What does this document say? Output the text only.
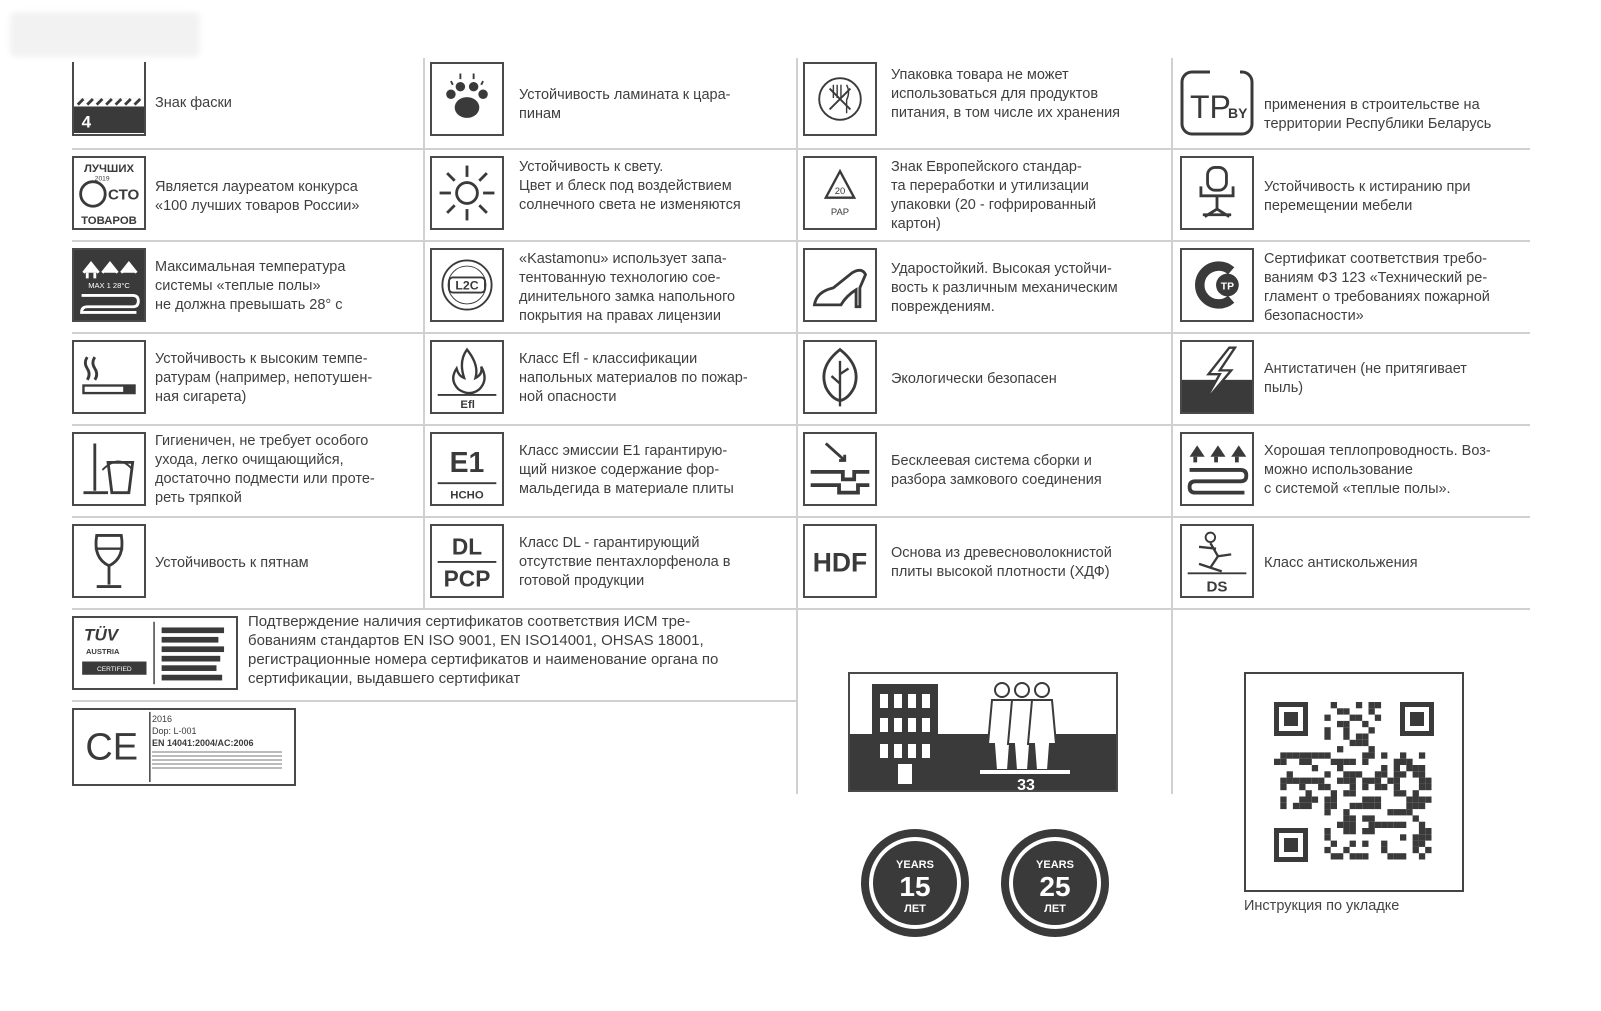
4
Знак фаски	Устойчивость ламината к цара-
пинам
Упаковка товара не может
использоваться для продуктов
питания, в том числе их хранения TP
BY применения в строительстве на
территории Республики Беларусь
ЛУЧШИХ
2019
СТО
ТОВАРОВ
Является лауреатом конкурса
«100 лучших товаров России»
Устойчивость к свету.
Цвет и блеск под воздействием
солнечного света не изменяются
20
PAP
Знак Европейского стандар-
та переработки и утилизации
упаковки (20 - гофрированный
картон)
Устойчивость к истиранию при
перемещении мебели
MAX 1 28°C
Максимальная температура
системы «теплые полы»
не должна превышать 28° c
L2C
«Kastamonu» использует запа-
тентованную технологию сое-
динительного замка напольного
покрытия на правах лицензии
Ударостойкий. Высокая устойчи-
вость к различным механическим
повреждениям.
ТР
Сертификат соответствия требо-
ваниям ФЗ 123 «Технический ре-
гламент о требованиях пожарной
безопасности»
Устойчивость к высоким темпе-
ратурам (например, непотушен-
ная сигарета)
Efl
Класс Efl - классификации
напольных материалов по пожар-
ной опасности
Экологически безопасен
Антистатичен (не притягивает
пыль)
Гигиеничен, не требует особого
ухода, легко очищающийся,
достаточно подмести или проте-
реть тряпкой
E1
HCHO
Класс эмиссии Е1 гарантирую-
щий низкое содержание фор-
мальдегида в материале плиты
Бесклеевая система сборки и
разбора замкового соединения
Хорошая теплопроводность. Воз-
можно использование
с системой «теплые полы».
Устойчивость к пятнам
DL
PCP
Класс DL - гарантирующий
отсутствие пентахлорфенола в
готовой продукции
HDF Основа из древесноволокнистой
плиты высокой плотности (ХДФ)
DS
Класс антискольжения
TÜV
AUSTRIA
CERTIFIED
Подтверждение наличия сертификатов соответствия ИСМ тре-
бованиям стандартов EN ISO 9001, EN ISO14001, OHSAS 18001,
регистрационные номера сертификатов и наименование органа по
сертификации, выдавшего сертификат
CE
2016
Dop: L-001
EN 14041:2004/AC:2006
33
YEARS
15
ЛЕТ
YEARS
25
ЛЕТ	Инструкция по укладке
